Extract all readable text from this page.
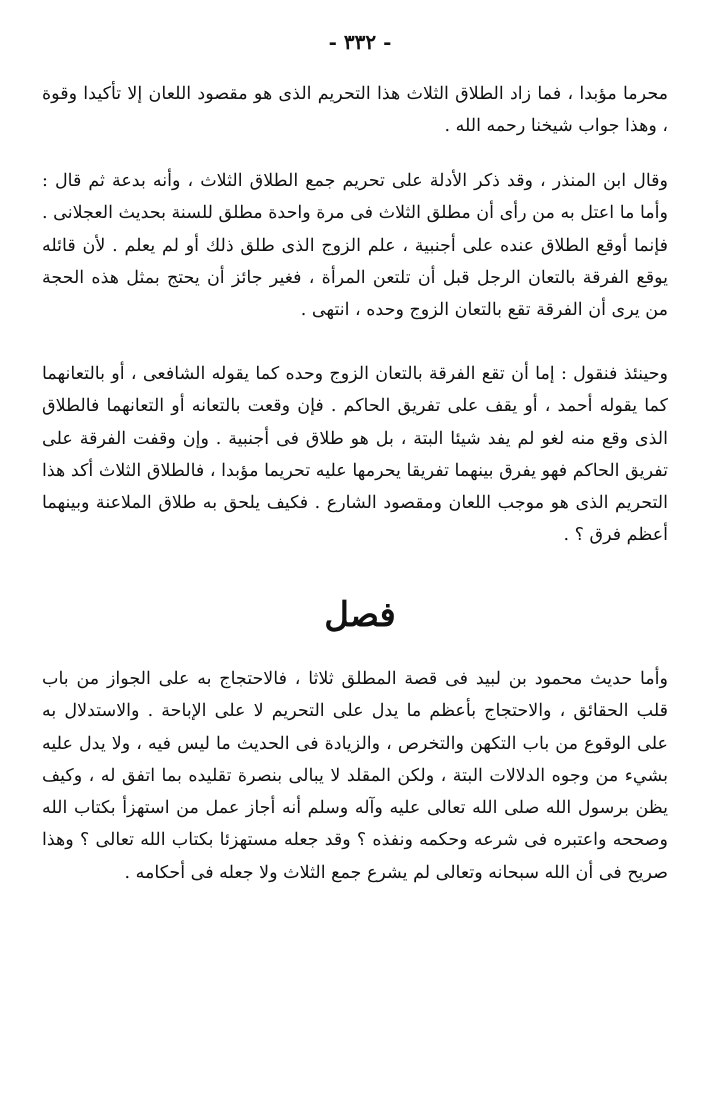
- ٣٣٢ -

محرما مؤبدا ، فما زاد الطلاق الثلاث هذا التحريم الذى هو مقصود اللعان إلا تأكيدا وقوة ، وهذا جواب شيخنا رحمه الله .

وقال ابن المنذر ، وقد ذكر الأدلة على تحريم جمع الطلاق الثلاث ، وأنه بدعة ثم قال : وأما ما اعتل به من رأى أن مطلق الثلاث فى مرة واحدة مطلق للسنة بحديث العجلانى . فإنما أوقع الطلاق عنده على أجنبية ، علم الزوج الذى طلق ذلك أو لم يعلم . لأن قائله يوقع الفرقة بالتعان الرجل قبل أن تلتعن المرأة ، فغير جائز أن يحتج بمثل هذه الحجة من يرى أن الفرقة تقع بالتعان الزوج وحده ، انتهى .

وحينئذ فنقول : إما أن تقع الفرقة بالتعان الزوج وحده كما يقوله الشافعى ، أو بالتعانهما كما يقوله أحمد ، أو يقف على تفريق الحاكم . فإن وقعت بالتعانه أو التعانهما فالطلاق الذى وقع منه لغو لم يفد شيئا البتة ، بل هو طلاق فى أجنبية . وإن وقفت الفرقة على تفريق الحاكم فهو يفرق بينهما تفريقا يحرمها عليه تحريما مؤبدا ، فالطلاق الثلاث أكد هذا التحريم الذى هو موجب اللعان ومقصود الشارع . فكيف يلحق به طلاق الملاعنة وبينهما أعظم فرق ؟ .

فصل

وأما حديث محمود بن لبيد فى قصة المطلق ثلاثا ، فالاحتجاج به على الجواز من باب قلب الحقائق ، والاحتجاج بأعظم ما يدل على التحريم لا على الإباحة . والاستدلال به على الوقوع من باب التكهن والتخرص ، والزيادة فى الحديث ما ليس فيه ، ولا يدل عليه بشيء من وجوه الدلالات البتة ، ولكن المقلد لا يبالى بنصرة تقليده بما اتفق له ، وكيف يظن برسول الله صلى الله تعالى عليه وآله وسلم أنه أجاز عمل من استهزأ بكتاب الله وصححه واعتبره فى شرعه وحكمه ونفذه ؟ وقد جعله مستهزئا بكتاب الله تعالى ؟ وهذا صريح فى أن الله سبحانه وتعالى لم يشرع جمع الثلاث ولا جعله فى أحكامه .
